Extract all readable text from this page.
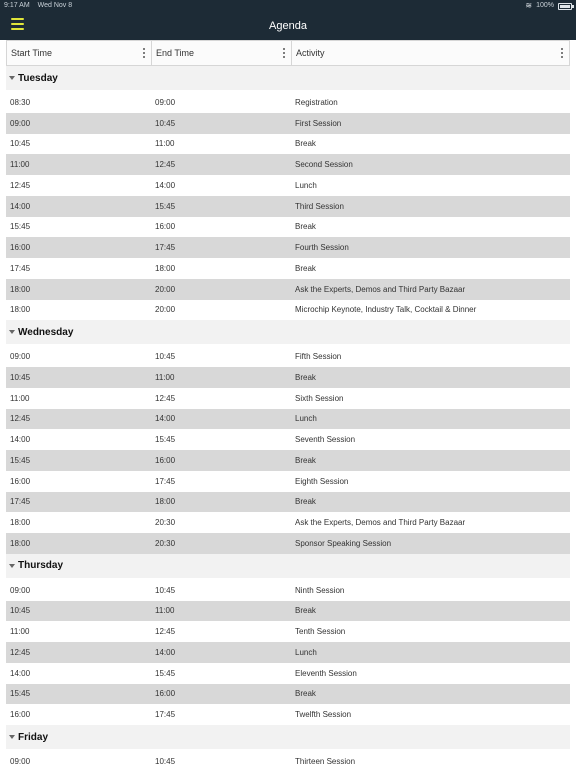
9:17 AM Wed Nov 8	≋ 100%
Agenda
Start Time	End Time	Activity
Tuesday
08:30	09:00	Registration
09:00	10:45	First Session
10:45	11:00	Break
11:00	12:45	Second Session
12:45	14:00	Lunch
14:00	15:45	Third Session
15:45	16:00	Break
16:00	17:45	Fourth Session
17:45	18:00	Break
18:00	20:00	Ask the Experts, Demos and Third Party Bazaar
18:00	20:00	Microchip Keynote, Industry Talk, Cocktail & Dinner
Wednesday
09:00	10:45	Fifth Session
10:45	11:00	Break
11:00	12:45	Sixth Session
12:45	14:00	Lunch
14:00	15:45	Seventh Session
15:45	16:00	Break
16:00	17:45	Eighth Session
17:45	18:00	Break
18:00	20:30	Ask the Experts, Demos and Third Party Bazaar
18:00	20:30	Sponsor Speaking Session
Thursday
09:00	10:45	Ninth Session
10:45	11:00	Break
11:00	12:45	Tenth Session
12:45	14:00	Lunch
14:00	15:45	Eleventh Session
15:45	16:00	Break
16:00	17:45	Twelfth Session
Friday
09:00	10:45	Thirteen Session
